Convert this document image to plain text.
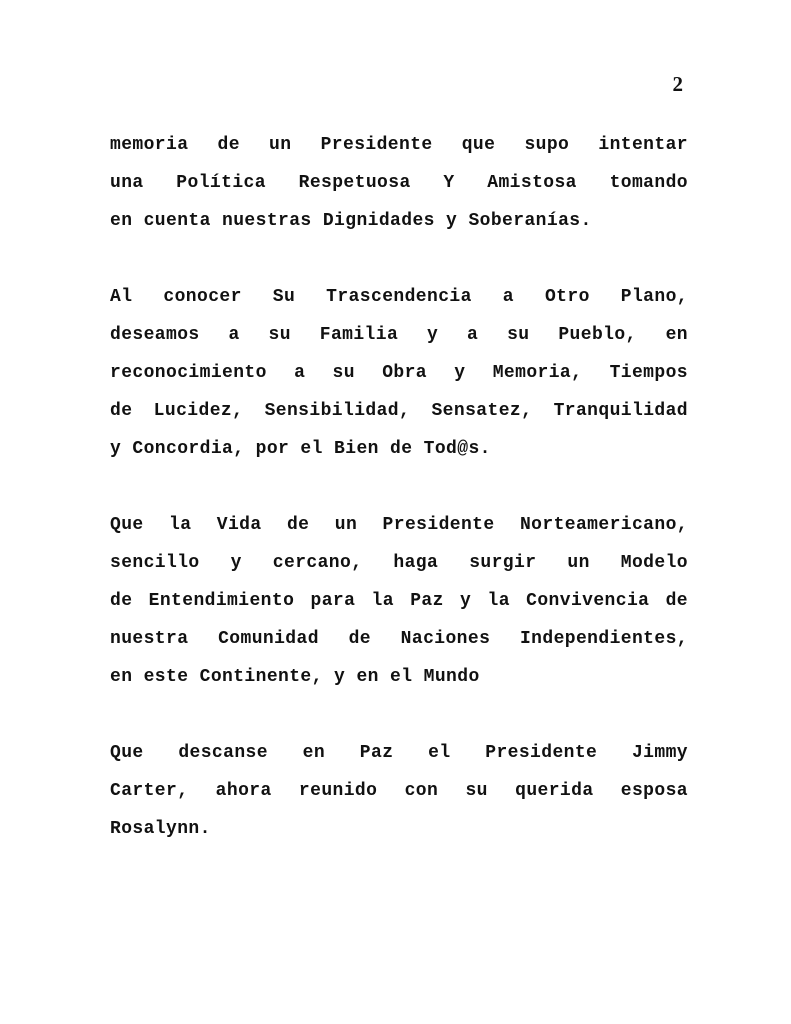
2

memoria de un Presidente que supo intentar
una Política Respetuosa Y Amistosa tomando
en cuenta nuestras Dignidades y Soberanías.

Al conocer Su Trascendencia a Otro Plano,
deseamos a su Familia y a su Pueblo, en
reconocimiento a su Obra y Memoria, Tiempos
de Lucidez, Sensibilidad, Sensatez, Tranquilidad
y Concordia, por el Bien de Tod@s.

Que la Vida de un Presidente Norteamericano,
sencillo y cercano, haga surgir un Modelo
de Entendimiento para la Paz y la Convivencia de
nuestra Comunidad de Naciones Independientes,
en este Continente, y en el Mundo

Que descanse en Paz el Presidente Jimmy
Carter, ahora reunido con su querida esposa
Rosalynn.
